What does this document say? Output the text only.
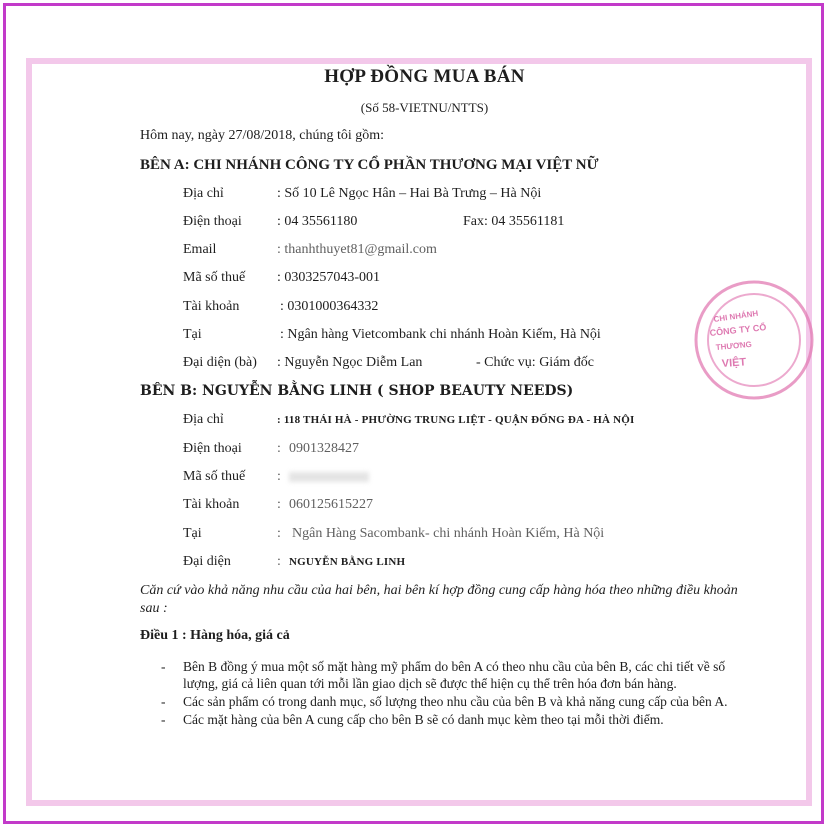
CHI NHÁNH
CÔNG TY CỔ
THƯƠNG
VIỆT
HỢP ĐỒNG MUA BÁN
(Số 58-VIETNU/NTTS)
Hôm nay, ngày 27/08/2018, chúng tôi gồm:
BÊN A: CHI NHÁNH CÔNG TY CỔ PHẦN THƯƠNG MẠI VIỆT NỮ
Địa chỉ	: Số 10 Lê Ngọc Hân – Hai Bà Trưng – Hà Nội
Điện thoại	: 04 35561180	Fax: 04 35561181
Email	: thanhthuyet81@gmail.com
Mã số thuế : 0303257043-001
Tài khoản	: 0301000364332
Tại	: Ngân hàng Vietcombank chi nhánh Hoàn Kiếm, Hà Nội
Đại diện (bà) : Nguyễn Ngọc Diễm Lan	- Chức vụ: Giám đốc
BÊN B: NGUYỄN BẰNG LINH ( SHOP BEAUTY NEEDS)
Địa chỉ	: 118 THÁI HÀ - PHƯỜNG TRUNG LIỆT - QUẬN ĐỐNG ĐA - HÀ NỘI
Điện thoại	: 0901328427
Mã số thuế :
Tài khoản	: 060125615227
Tại	: Ngân Hàng Sacombank- chi nhánh Hoàn Kiếm, Hà Nội
Đại diện	: NGUYỄN BẰNG LINH
Căn cứ vào khả năng nhu cầu của hai bên, hai bên kí hợp đồng cung cấp hàng hóa theo những điều khoản sau :
Điều 1 : Hàng hóa, giá cả
- Bên B đồng ý mua một số mặt hàng mỹ phẩm do bên A có theo nhu cầu của bên B, các chi tiết về số lượng, giá cả liên quan tới mỗi lần giao dịch sẽ được thể hiện cụ thể trên hóa đơn bán hàng.
- Các sản phẩm có trong danh mục, số lượng theo nhu cầu của bên B và khả năng cung cấp của bên A.
- Các mặt hàng của bên A cung cấp cho bên B sẽ có danh mục kèm theo tại mỗi thời điểm.
